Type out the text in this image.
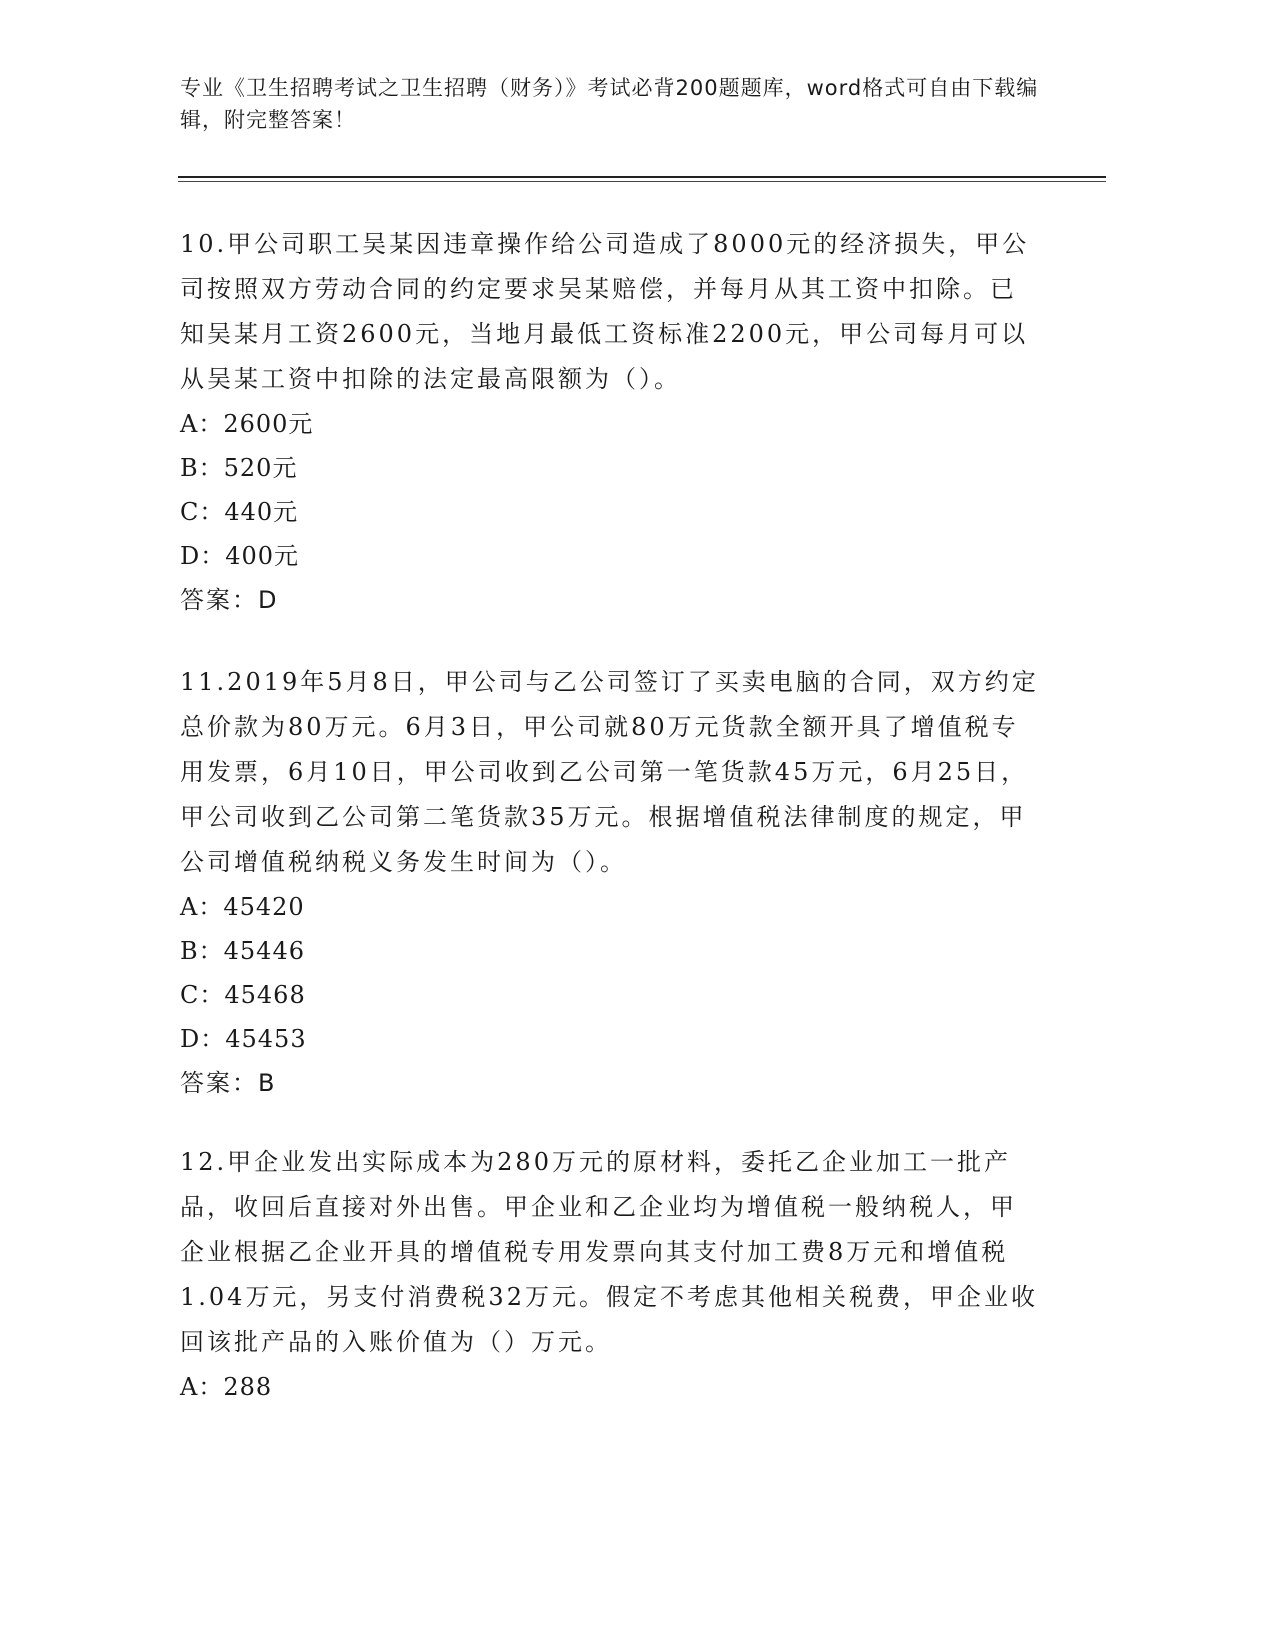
专业《卫生招聘考试之卫生招聘（财务）》考试必背200题题库，word格式可自由下载编辑，附完整答案！

10.甲公司职工吴某因违章操作给公司造成了8000元的经济损失，甲公司按照双方劳动合同的约定要求吴某赔偿，并每月从其工资中扣除。已知吴某月工资2600元，当地月最低工资标准2200元，甲公司每月可以从吴某工资中扣除的法定最高限额为（）。

A：2600元

B：520元

C：440元

D：400元

答案：D

11.2019年5月8日，甲公司与乙公司签订了买卖电脑的合同，双方约定总价款为80万元。6月3日，甲公司就80万元货款全额开具了增值税专用发票，6月10日，甲公司收到乙公司第一笔货款45万元，6月25日，甲公司收到乙公司第二笔货款35万元。根据增值税法律制度的规定，甲公司增值税纳税义务发生时间为（）。

A：45420

B：45446

C：45468

D：45453

答案：B

12.甲企业发出实际成本为280万元的原材料，委托乙企业加工一批产品，收回后直接对外出售。甲企业和乙企业均为增值税一般纳税人，甲企业根据乙企业开具的增值税专用发票向其支付加工费8万元和增值税1.04万元，另支付消费税32万元。假定不考虑其他相关税费，甲企业收回该批产品的入账价值为（）万元。

A：288
